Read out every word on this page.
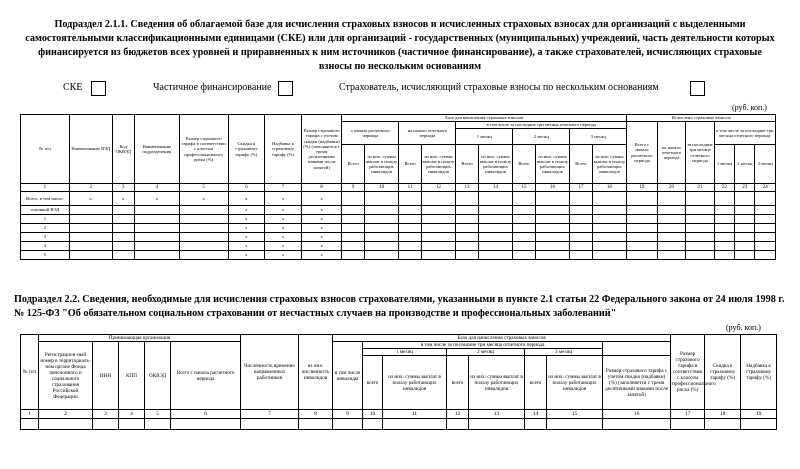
Подраздел 2.1.1. Сведения об облагаемой базе для исчисления страховых взносов и исчисленных страховых взносах для организаций с выделенными самостоятельными классификационными единицами (СКЕ) или для организаций - государственных (муниципальных) учреждений, часть деятельности которых финансируется из бюджетов всех уровней и приравненных к ним источников (частичное финансирование), а также страхователей, исчисляющих страховые взносы по нескольким основаниям
СКЕ	Частичное финансирование	Страхователь, исчисляющий страховые взносы по нескольким основаниям
(руб. коп.)
№ п/п	Наименование ВЭД	Код ОКВЭД	Наименование подразделения	Размер страхового тарифа в соответствии с классом профессионального риска (%)	Скидка к страховому тарифу (%)	Надбавка к страховому тарифу (%)	Размер страхового тарифа с учетом скидки (надбавки) (%) (заполняется с тремя десятичными знаками после запятой)	База для начисления страховых взносов										Исчислено страховых взносов					
								с начала расчетного периода		на начало отчетного периода		в том числе за последние три месяца отчетного периода						Всего с начала расчетного периода	на начало отчетного периода	за последние три месяца отчетного периода	в том числе за последние три месяца отчетного периода		
												1 месяц		2 месяц		3 месяц							
								Всего	из них: суммы выплат в пользу работающих инвалидов	Всего	из них: суммы выплат в пользу работающих инвалидов	Всего	из них: суммы выплат в пользу работающих инвалидов	Всего	из них: суммы выплат в пользу работающих инвалидов	Всего	из них: суммы выплат в пользу работающих инвалидов				1 месяц	2 месяц	3 месяц
1	2	3	4	5	6	7	8	9	10	11	12	13	14	15	16	17	18	19	20	21	22	23	24
Всего, в том числе:	x	x	x	x	x	x	x																
основной ВЭД					x	x	x																
1					x	x	x																
2					x	x	x																
3					x	x	x																
4					x	x	x																
5					x	x	x																
Подраздел 2.2. Сведения, необходимые для исчисления страховых взносов страхователями, указанными в пункте 2.1 статьи 22 Федерального закона от 24 июля 1998 г. № 125-ФЗ "Об обязательном социальном страховании от несчастных случаев на производстве и профессиональных заболеваний"
(руб. коп.)
№ п/п	Принимающая организация					Численность временно направленных работников	из них: численность инвалидов	База для начисления страховых взносов								Размер страхового тарифа в соответствии с классом профессионального риска (%)	Скидка к страховому тарифу (%)	Надбавка к страховому тарифу (%)
	Регистрацион-ный номер в территориаль-ном органе Фонда пенсионного и социального страхования Российской Федерации	ИНН	КПП	ОКВЭД	Всего с начала расчетного периода			в том числе инвалиды	в том числе за последние три месяца отчетного периода									
									1 месяц		2 месяц		3 месяц					
									всего	из них: суммы выплат в пользу работающих инвалидов	всего	из них: суммы выплат в пользу работающих инвалидов	всего	из них: суммы выплат в пользу работающих инвалидов	Размер страхового тарифа с учетом скидки (надбавки) (%) (заполняется с тремя десятичными знаками после запятой)			

1	2	3	4	5	6	7	8	9	10	11	12	13	14	15	16	17	18	19
